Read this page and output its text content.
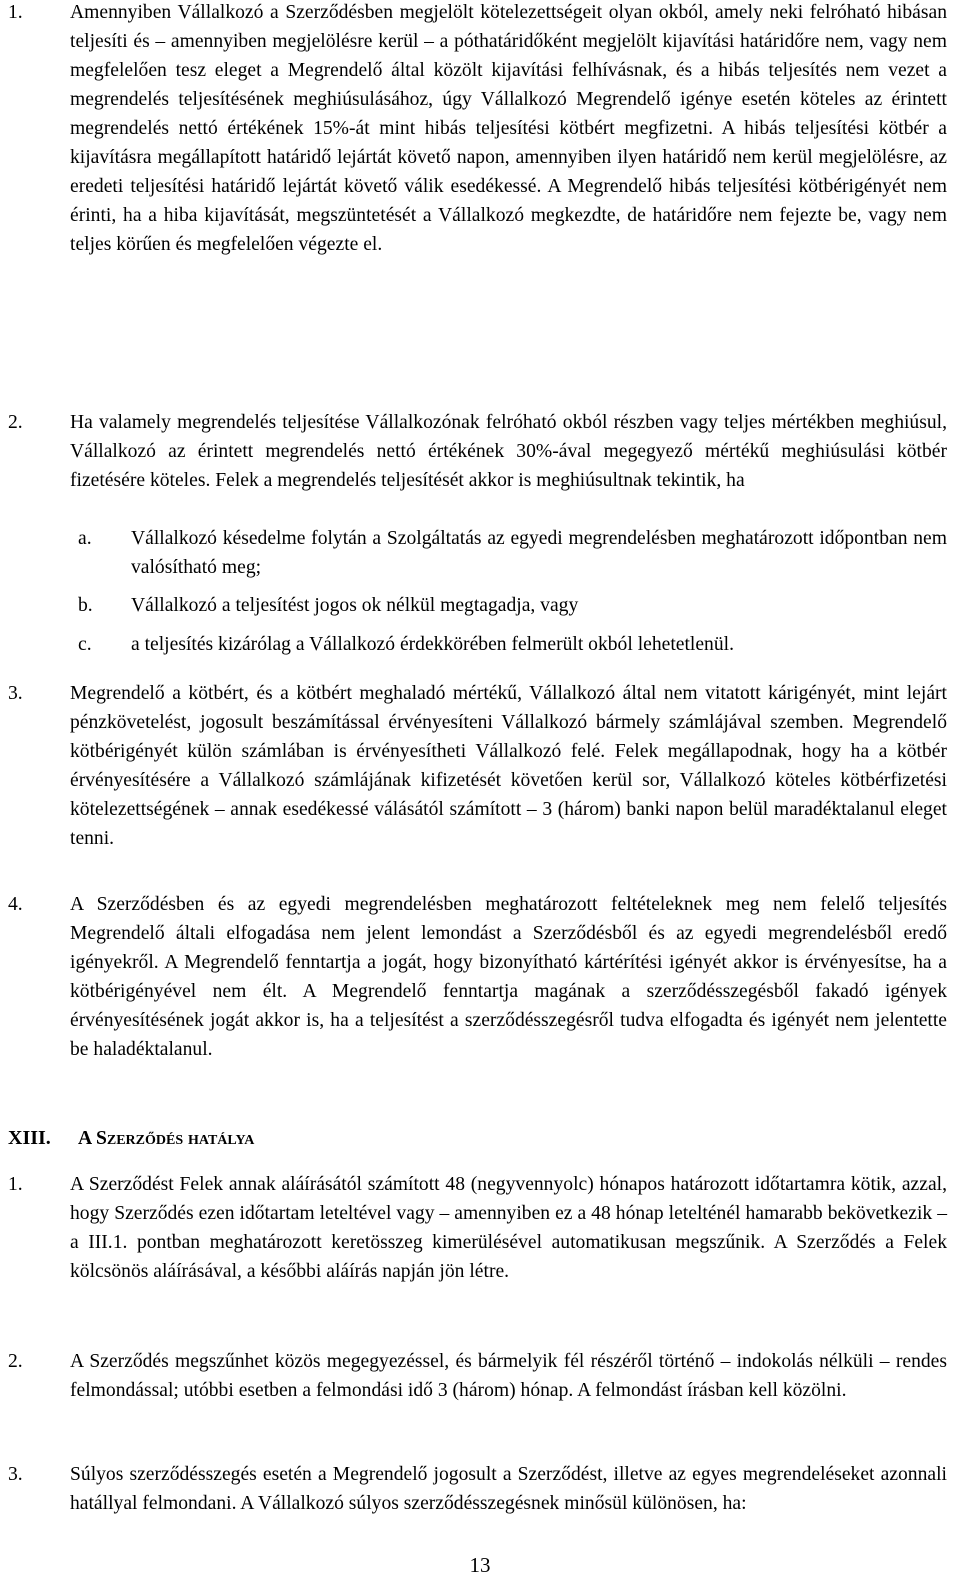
1. Amennyiben Vállalkozó a Szerződésben megjelölt kötelezettségeit olyan okból, amely neki felróható hibásan teljesíti és – amennyiben megjelölésre kerül – a póthatáridőként megjelölt kijavítási határidőre nem, vagy nem megfelelően tesz eleget a Megrendelő által közölt kijavítási felhívásnak, és a hibás teljesítés nem vezet a megrendelés teljesítésének meghiúsulásához, úgy Vállalkozó Megrendelő igénye esetén köteles az érintett megrendelés nettó értékének 15%-át mint hibás teljesítési kötbért megfizetni. A hibás teljesítési kötbér a kijavításra megállapított határidő lejártát követő napon, amennyiben ilyen határidő nem kerül megjelölésre, az eredeti teljesítési határidő lejártát követő válik esedékessé. A Megrendelő hibás teljesítési kötbérigényét nem érinti, ha a hiba kijavítását, megszüntetését a Vállalkozó megkezdte, de határidőre nem fejezte be, vagy nem teljes körűen és megfelelően végezte el.
2. Ha valamely megrendelés teljesítése Vállalkozónak felróható okból részben vagy teljes mértékben meghiúsul, Vállalkozó az érintett megrendelés nettó értékének 30%-ával megegyező mértékű meghiúsulási kötbér fizetésére köteles. Felek a megrendelés teljesítését akkor is meghiúsultnak tekintik, ha
a. Vállalkozó késedelme folytán a Szolgáltatás az egyedi megrendelésben meghatározott időpontban nem valósítható meg;
b. Vállalkozó a teljesítést jogos ok nélkül megtagadja, vagy
c. a teljesítés kizárólag a Vállalkozó érdekkörében felmerült okból lehetetlenül.
3. Megrendelő a kötbért, és a kötbért meghaladó mértékű, Vállalkozó által nem vitatott kárigényét, mint lejárt pénzkövetelést, jogosult beszámítással érvényesíteni Vállalkozó bármely számlájával szemben. Megrendelő kötbérigényét külön számlában is érvényesítheti Vállalkozó felé. Felek megállapodnak, hogy ha a kötbér érvényesítésére a Vállalkozó számlájának kifizetését követően kerül sor, Vállalkozó köteles kötbérfizetési kötelezettségének – annak esedékessé válásától számított – 3 (három) banki napon belül maradéktalanul eleget tenni.
4. A Szerződésben és az egyedi megrendelésben meghatározott feltételeknek meg nem felelő teljesítés Megrendelő általi elfogadása nem jelent lemondást a Szerződésből és az egyedi megrendelésből eredő igényekről. A Megrendelő fenntartja a jogát, hogy bizonyítható kártérítési igényét akkor is érvényesítse, ha a kötbérigényével nem élt. A Megrendelő fenntartja magának a szerződésszegésből fakadó igények érvényesítésének jogát akkor is, ha a teljesítést a szerződésszegésről tudva elfogadta és igényét nem jelentette be haladéktalanul.
XIII. A Szerződés hatálya
1. A Szerződést Felek annak aláírásától számított 48 (negyvennyolc) hónapos határozott időtartamra kötik, azzal, hogy Szerződés ezen időtartam leteltével vagy – amennyiben ez a 48 hónap letelténél hamarabb bekövetkezik – a III.1. pontban meghatározott keretösszeg kimerülésével automatikusan megszűnik. A Szerződés a Felek kölcsönös aláírásával, a későbbi aláírás napján jön létre.
2. A Szerződés megszűnhet közös megegyezéssel, és bármelyik fél részéről történő – indokolás nélküli – rendes felmondással; utóbbi esetben a felmondási idő 3 (három) hónap. A felmondást írásban kell közölni.
3. Súlyos szerződésszegés esetén a Megrendelő jogosult a Szerződést, illetve az egyes megrendeléseket azonnali hatállyal felmondani. A Vállalkozó súlyos szerződésszegésnek minősül különösen, ha:
13
